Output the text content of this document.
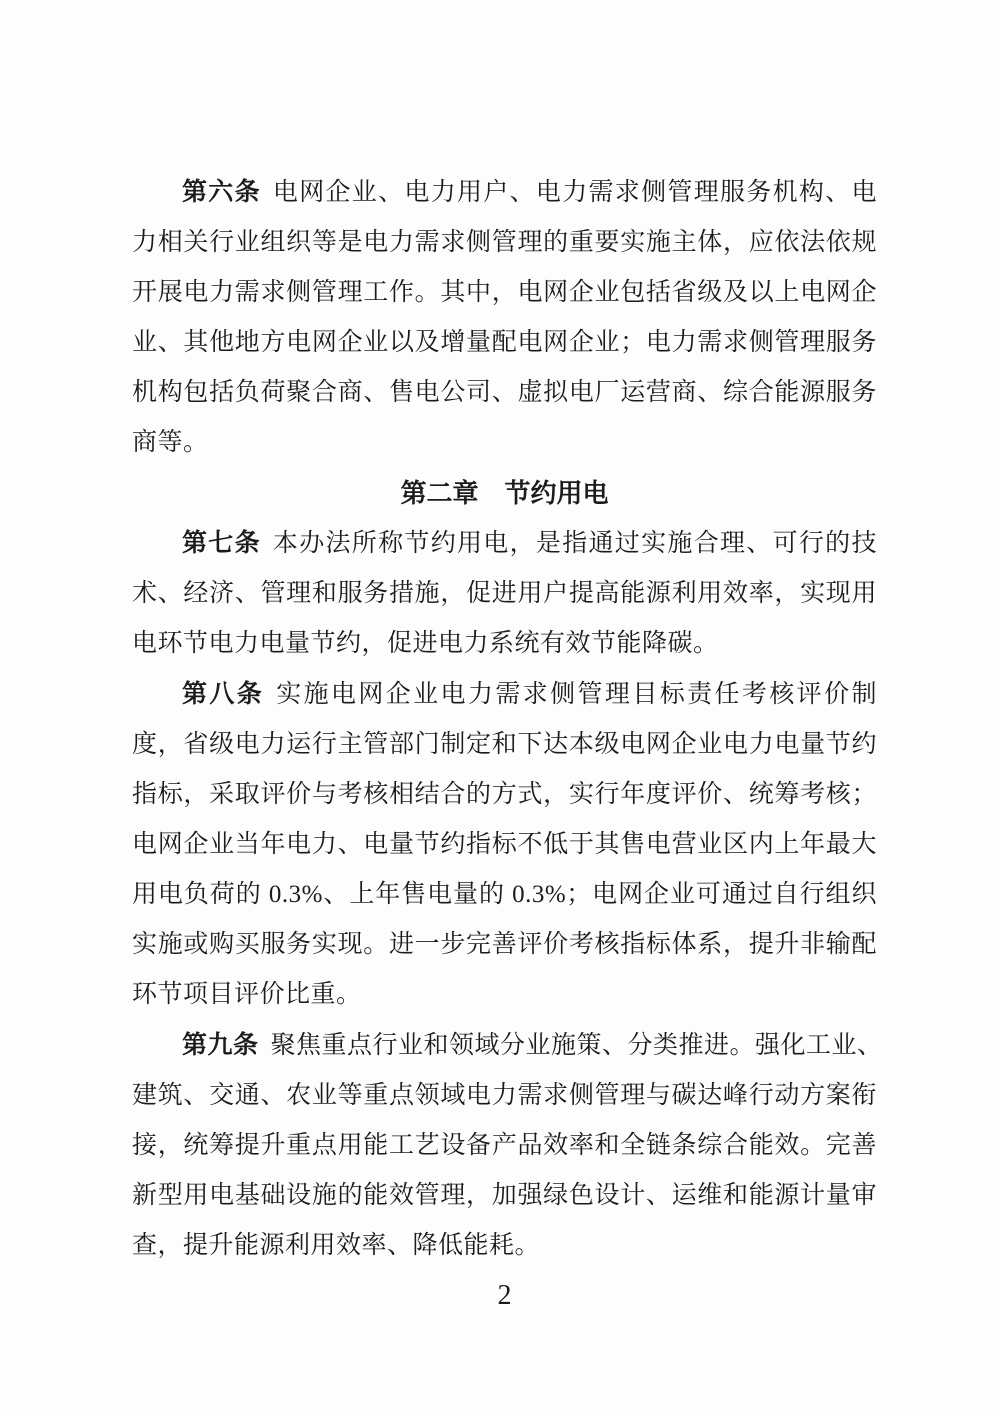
第六条 电网企业、电力用户、电力需求侧管理服务机构、电
力相关行业组织等是电力需求侧管理的重要实施主体，应依法依规
开展电力需求侧管理工作。其中，电网企业包括省级及以上电网企
业、其他地方电网企业以及增量配电网企业；电力需求侧管理服务
机构包括负荷聚合商、售电公司、虚拟电厂运营商、综合能源服务
商等。

第二章　节约用电

第七条 本办法所称节约用电，是指通过实施合理、可行的技
术、经济、管理和服务措施，促进用户提高能源利用效率，实现用
电环节电力电量节约，促进电力系统有效节能降碳。

第八条 实施电网企业电力需求侧管理目标责任考核评价制
度，省级电力运行主管部门制定和下达本级电网企业电力电量节约
指标，采取评价与考核相结合的方式，实行年度评价、统筹考核；
电网企业当年电力、电量节约指标不低于其售电营业区内上年最大
用电负荷的 0.3%、上年售电量的 0.3%；电网企业可通过自行组织
实施或购买服务实现。进一步完善评价考核指标体系，提升非输配
环节项目评价比重。

第九条 聚焦重点行业和领域分业施策、分类推进。强化工业、
建筑、交通、农业等重点领域电力需求侧管理与碳达峰行动方案衔
接，统筹提升重点用能工艺设备产品效率和全链条综合能效。完善
新型用电基础设施的能效管理，加强绿色设计、运维和能源计量审
查，提升能源利用效率、降低能耗。

2
